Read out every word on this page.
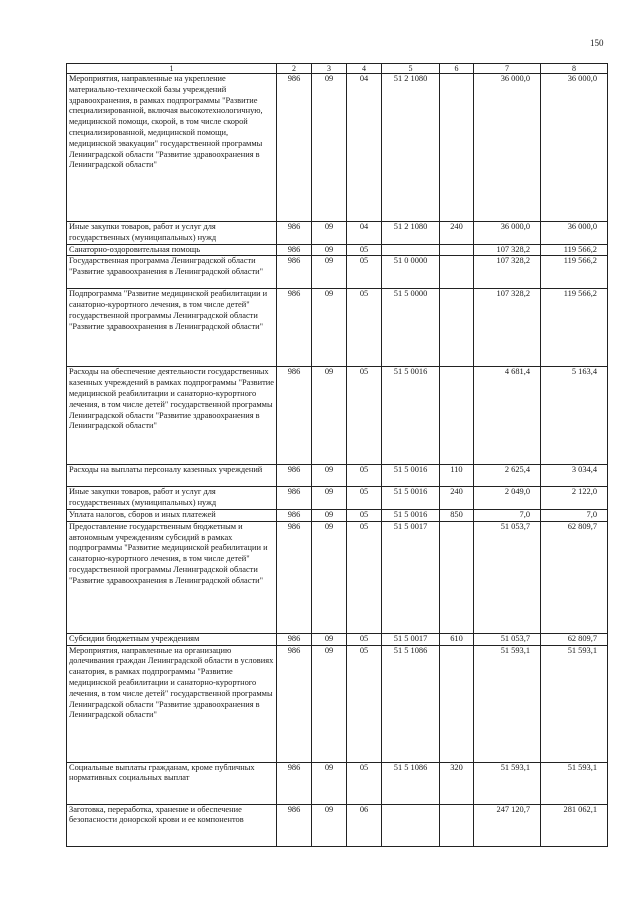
150
1	2	3	4	5	6	7	8
Мероприятия, направленные на укрепление материально-технической базы учреждений здравоохранения, в рамках подпрограммы "Развитие специализированной, включая высокотехнологичную, медицинской помощи, скорой, в том числе скорой специализированной, медицинской помощи, медицинской эвакуации" государственной программы Ленинградской области "Развитие здравоохранения в Ленинградской области"	986	09	04	51 2 1080		36 000,0	36 000,0
Иные закупки товаров, работ и услуг для государственных (муниципальных) нужд	986	09	04	51 2 1080	240	36 000,0	36 000,0
Санаторно-оздоровительная помощь	986	09	05			107 328,2	119 566,2
Государственная программа Ленинградской области "Развитие здравоохранения в Ленинградской области"	986	09	05	51 0 0000		107 328,2	119 566,2
Подпрограмма "Развитие медицинской реабилитации и санаторно-курортного лечения, в том числе детей" государственной программы Ленинградской области "Развитие здравоохранения в Ленинградской области"	986	09	05	51 5 0000		107 328,2	119 566,2
Расходы на обеспечение деятельности государственных казенных учреждений в рамках подпрограммы "Развитие медицинской реабилитации и санаторно-курортного лечения, в том числе детей" государственной программы Ленинградской области "Развитие здравоохранения в Ленинградской области"	986	09	05	51 5 0016		4 681,4	5 163,4
Расходы на выплаты персоналу казенных учреждений	986	09	05	51 5 0016	110	2 625,4	3 034,4
Иные закупки товаров, работ и услуг для государственных (муниципальных) нужд	986	09	05	51 5 0016	240	2 049,0	2 122,0
Уплата налогов, сборов и иных платежей	986	09	05	51 5 0016	850	7,0	7,0
Предоставление государственным бюджетным и автономным учреждениям субсидий в рамках подпрограммы "Развитие медицинской реабилитации и санаторно-курортного лечения, в том числе детей" государственной программы Ленинградской области "Развитие здравоохранения в Ленинградской области"	986	09	05	51 5 0017		51 053,7	62 809,7
Субсидии бюджетным учреждениям	986	09	05	51 5 0017	610	51 053,7	62 809,7
Мероприятия, направленные на организацию долечивания граждан Ленинградской области в условиях санатория, в рамках подпрограммы "Развитие медицинской реабилитации и санаторно-курортного лечения, в том числе детей" государственной программы Ленинградской области "Развитие здравоохранения в Ленинградской области"	986	09	05	51 5 1086		51 593,1	51 593,1
Социальные выплаты гражданам, кроме публичных нормативных социальных выплат	986	09	05	51 5 1086	320	51 593,1	51 593,1
Заготовка, переработка, хранение и обеспечение безопасности донорской крови и ее компонентов	986	09	06			247 120,7	281 062,1
